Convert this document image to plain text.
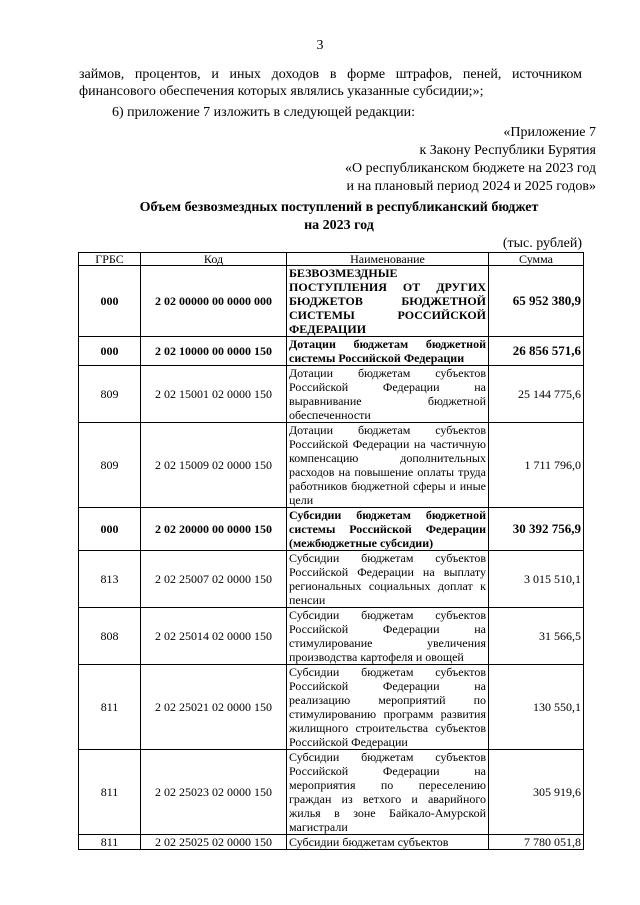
3
займов, процентов, и иных доходов в форме штрафов, пеней, источником
финансового обеспечения которых являлись указанные субсидии;»;
6) приложение 7 изложить в следующей редакции:
«Приложение 7
к Закону Республики Бурятия
«О республиканском бюджете на 2023 год
и на плановый период 2024 и 2025 годов»
Объем безвозмездных поступлений в республиканский бюджет
на 2023 год
(тыс. рублей)
ГРБС	Код	Наименование	Сумма
000	2 02 00000 00 0000 000	БЕЗВОЗМЕЗДНЫЕ ПОСТУПЛЕНИЯ ОТ ДРУГИХ БЮДЖЕТОВ БЮДЖЕТНОЙ СИСТЕМЫ РОССИЙСКОЙ ФЕДЕРАЦИИ	65 952 380,9
000	2 02 10000 00 0000 150	Дотации бюджетам бюджетной системы Российской Федерации	26 856 571,6
809	2 02 15001 02 0000 150	Дотации бюджетам субъектов Российской Федерации на выравнивание бюджетной обеспеченности	25 144 775,6
809	2 02 15009 02 0000 150	Дотации бюджетам субъектов Российской Федерации на частичную компенсацию дополнительных расходов на повышение оплаты труда работников бюджетной сферы и иные цели	1 711 796,0
000	2 02 20000 00 0000 150	Субсидии бюджетам бюджетной системы Российской Федерации (межбюджетные субсидии)	30 392 756,9
813	2 02 25007 02 0000 150	Субсидии бюджетам субъектов Российской Федерации на выплату региональных социальных доплат к пенсии	3 015 510,1
808	2 02 25014 02 0000 150	Субсидии бюджетам субъектов Российской Федерации на стимулирование увеличения производства картофеля и овощей	31 566,5
811	2 02 25021 02 0000 150	Субсидии бюджетам субъектов Российской Федерации на реализацию мероприятий по стимулированию программ развития жилищного строительства субъектов Российской Федерации	130 550,1
811	2 02 25023 02 0000 150	Субсидии бюджетам субъектов Российской Федерации на мероприятия по переселению граждан из ветхого и аварийного жилья в зоне Байкало-Амурской магистрали	305 919,6
811	2 02 25025 02 0000 150	Субсидии бюджетам субъектов	7 780 051,8
